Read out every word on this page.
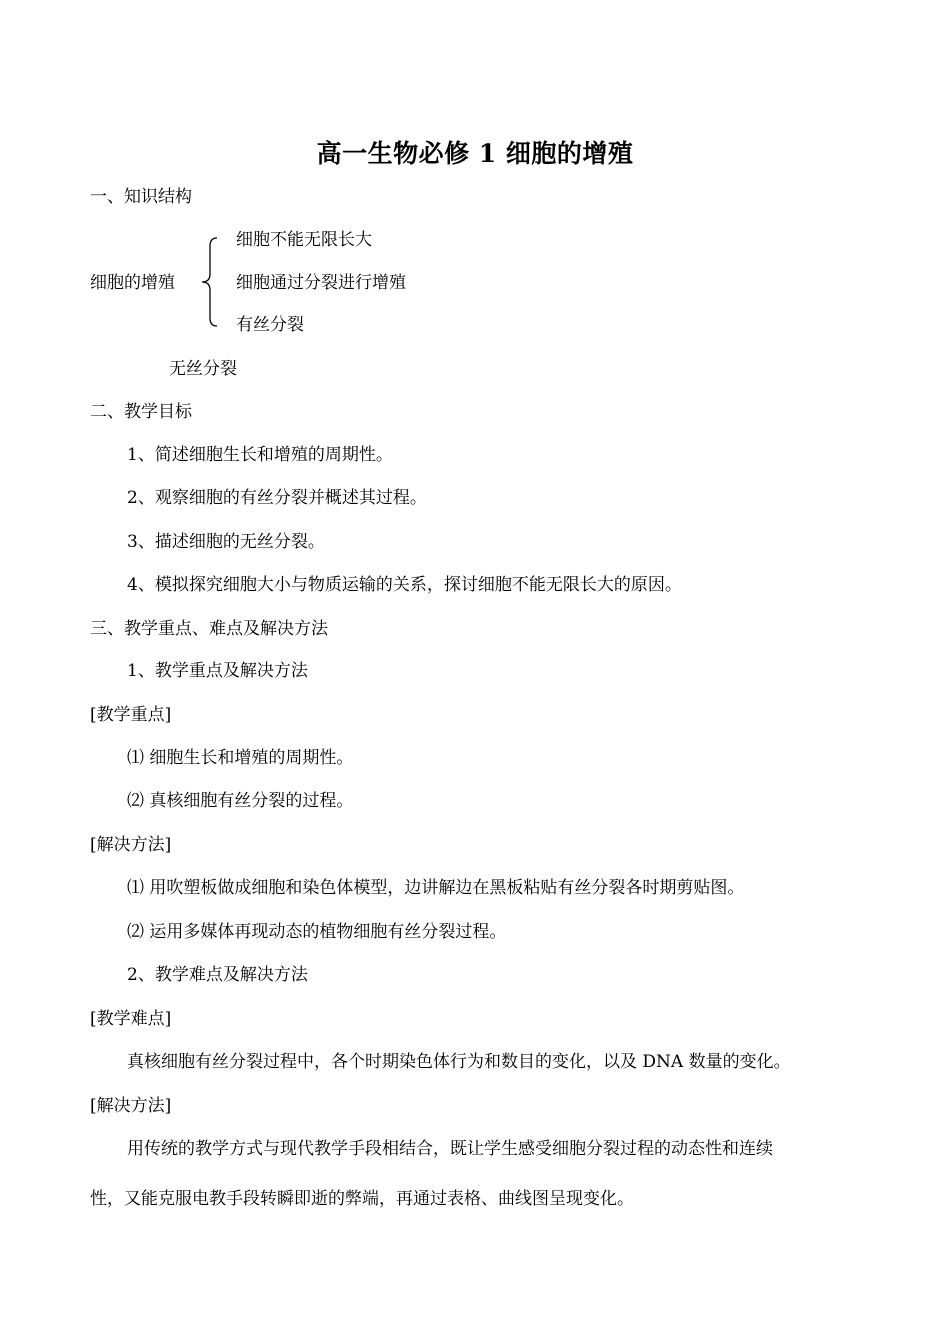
高一生物必修 1 细胞的增殖
一、知识结构
细胞的增殖
细胞不能无限长大
细胞通过分裂进行增殖
有丝分裂
无丝分裂
二、教学目标
1、简述细胞生长和增殖的周期性。
2、观察细胞的有丝分裂并概述其过程。
3、描述细胞的无丝分裂。
4、模拟探究细胞大小与物质运输的关系，探讨细胞不能无限长大的原因。
三、教学重点、难点及解决方法
1、教学重点及解决方法
[教学重点]
⑴ 细胞生长和增殖的周期性。
⑵ 真核细胞有丝分裂的过程。
[解决方法]
⑴ 用吹塑板做成细胞和染色体模型，边讲解边在黑板粘贴有丝分裂各时期剪贴图。
⑵ 运用多媒体再现动态的植物细胞有丝分裂过程。
2、教学难点及解决方法
[教学难点]
真核细胞有丝分裂过程中，各个时期染色体行为和数目的变化，以及 DNA 数量的变化。
[解决方法]
用传统的教学方式与现代教学手段相结合，既让学生感受细胞分裂过程的动态性和连续
性，又能克服电教手段转瞬即逝的弊端，再通过表格、曲线图呈现变化。
